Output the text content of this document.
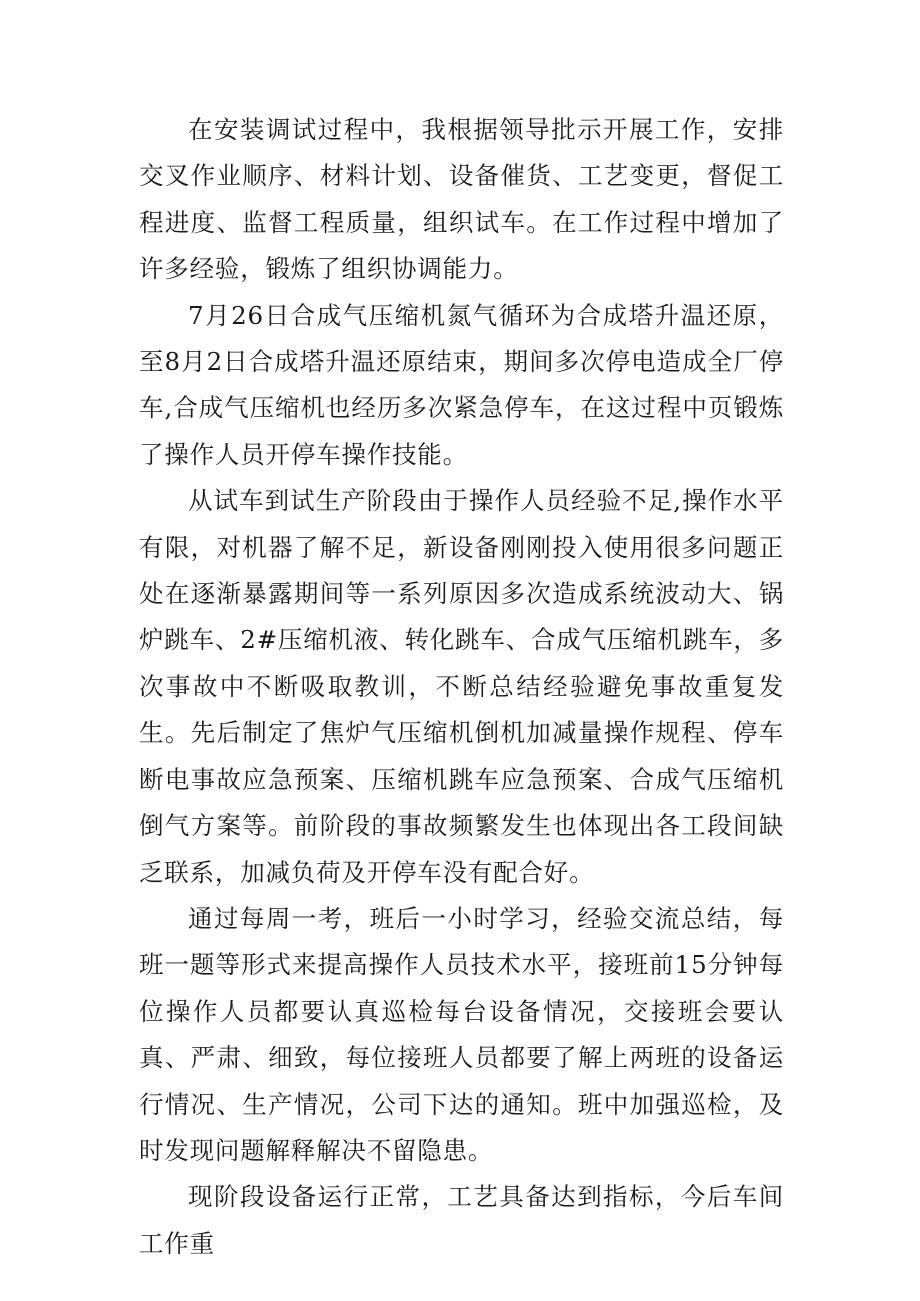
在安装调试过程中，我根据领导批示开展工作，安排交叉作业顺序、材料计划、设备催货、工艺变更，督促工程进度、监督工程质量，组织试车。在工作过程中增加了许多经验，锻炼了组织协调能力。

7月26日合成气压缩机氮气循环为合成塔升温还原，至8月2日合成塔升温还原结束，期间多次停电造成全厂停车,合成气压缩机也经历多次紧急停车，在这过程中页锻炼了操作人员开停车操作技能。

从试车到试生产阶段由于操作人员经验不足,操作水平有限，对机器了解不足，新设备刚刚投入使用很多问题正处在逐渐暴露期间等一系列原因多次造成系统波动大、锅炉跳车、2#压缩机液、转化跳车、合成气压缩机跳车，多次事故中不断吸取教训，不断总结经验避免事故重复发生。先后制定了焦炉气压缩机倒机加减量操作规程、停车断电事故应急预案、压缩机跳车应急预案、合成气压缩机倒气方案等。前阶段的事故频繁发生也体现出各工段间缺乏联系，加减负荷及开停车没有配合好。

通过每周一考，班后一小时学习，经验交流总结，每班一题等形式来提高操作人员技术水平，接班前15分钟每位操作人员都要认真巡检每台设备情况，交接班会要认真、严肃、细致，每位接班人员都要了解上两班的设备运行情况、生产情况，公司下达的通知。班中加强巡检，及时发现问题解释解决不留隐患。

现阶段设备运行正常，工艺具备达到指标，今后车间工作重
